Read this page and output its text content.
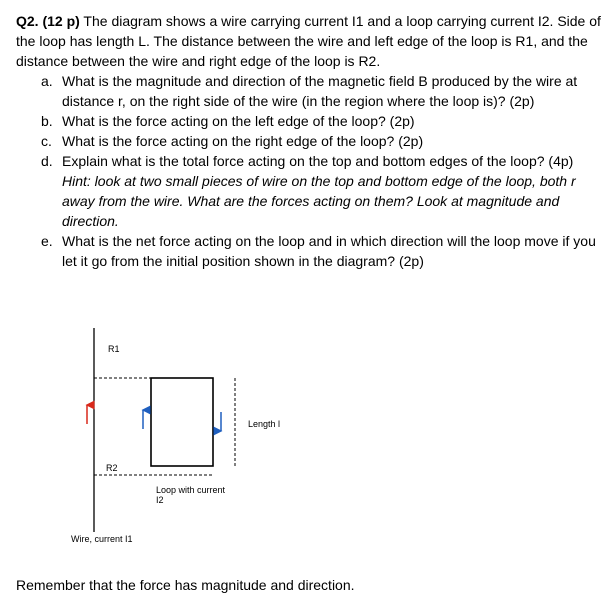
Q2. (12 p) The diagram shows a wire carrying current I1 and a loop carrying current I2. Side of the loop has length L. The distance between the wire and left edge of the loop is R1, and the distance between the wire and right edge of the loop is R2.

a. What is the magnitude and direction of the magnetic field B produced by the wire at distance r, on the right side of the wire (in the region where the loop is)? (2p)
b. What is the force acting on the left edge of the loop? (2p)
c. What is the force acting on the right edge of the loop? (2p)
d. Explain what is the total force acting on the top and bottom edges of the loop? (4p)
Hint: look at two small pieces of wire on the top and bottom edge of the loop, both r away from the wire. What are the forces acting on them? Look at magnitude and direction.
e. What is the net force acting on the loop and in which direction will the loop move if you let it go from the initial position shown in the diagram? (2p)
R1
Length l
R2
Loop with current
I2
Wire, current I1

Remember that the force has magnitude and direction.
